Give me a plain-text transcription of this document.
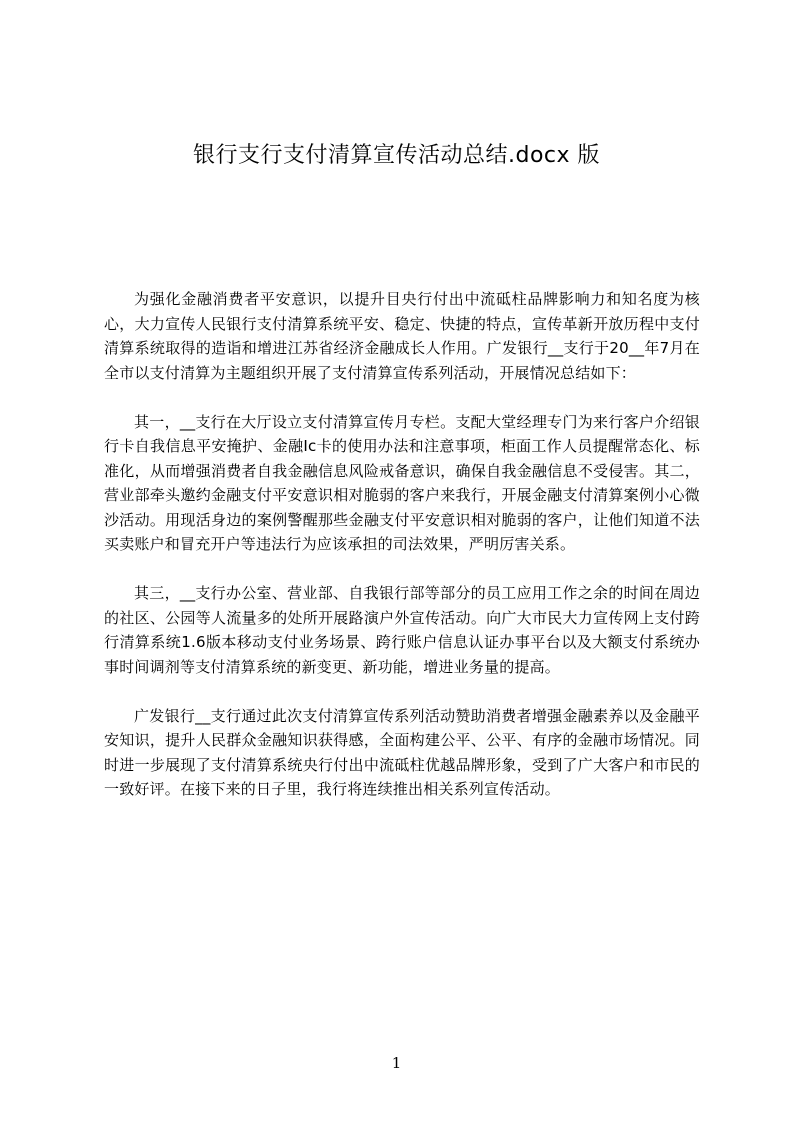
银行支行支付清算宣传活动总结.docx 版

为强化金融消费者平安意识，以提升目央行付出中流砥柱品牌影响力和知名度为核心，大力宣传人民银行支付清算系统平安、稳定、快捷的特点，宣传革新开放历程中支付清算系统取得的造诣和增进江苏省经济金融成长人作用。广发银行__支行于20__年7月在全市以支付清算为主题组织开展了支付清算宣传系列活动，开展情况总结如下：

其一，__支行在大厅设立支付清算宣传月专栏。支配大堂经理专门为来行客户介绍银行卡自我信息平安掩护、金融Ic卡的使用办法和注意事项，柜面工作人员提醒常态化、标准化，从而增强消费者自我金融信息风险戒备意识，确保自我金融信息不受侵害。其二，营业部牵头邀约金融支付平安意识相对脆弱的客户来我行，开展金融支付清算案例小心微沙活动。用现活身边的案例警醒那些金融支付平安意识相对脆弱的客户，让他们知道不法买卖账户和冒充开户等违法行为应该承担的司法效果，严明厉害关系。

其三，__支行办公室、营业部、自我银行部等部分的员工应用工作之余的时间在周边的社区、公园等人流量多的处所开展路演户外宣传活动。向广大市民大力宣传网上支付跨行清算系统1.6版本移动支付业务场景、跨行账户信息认证办事平台以及大额支付系统办事时间调剂等支付清算系统的新变更、新功能，增进业务量的提高。

广发银行__支行通过此次支付清算宣传系列活动赞助消费者增强金融素养以及金融平安知识，提升人民群众金融知识获得感，全面构建公平、公平、有序的金融市场情况。同时进一步展现了支付清算系统央行付出中流砥柱优越品牌形象，受到了广大客户和市民的一致好评。在接下来的日子里，我行将连续推出相关系列宣传活动。

1
